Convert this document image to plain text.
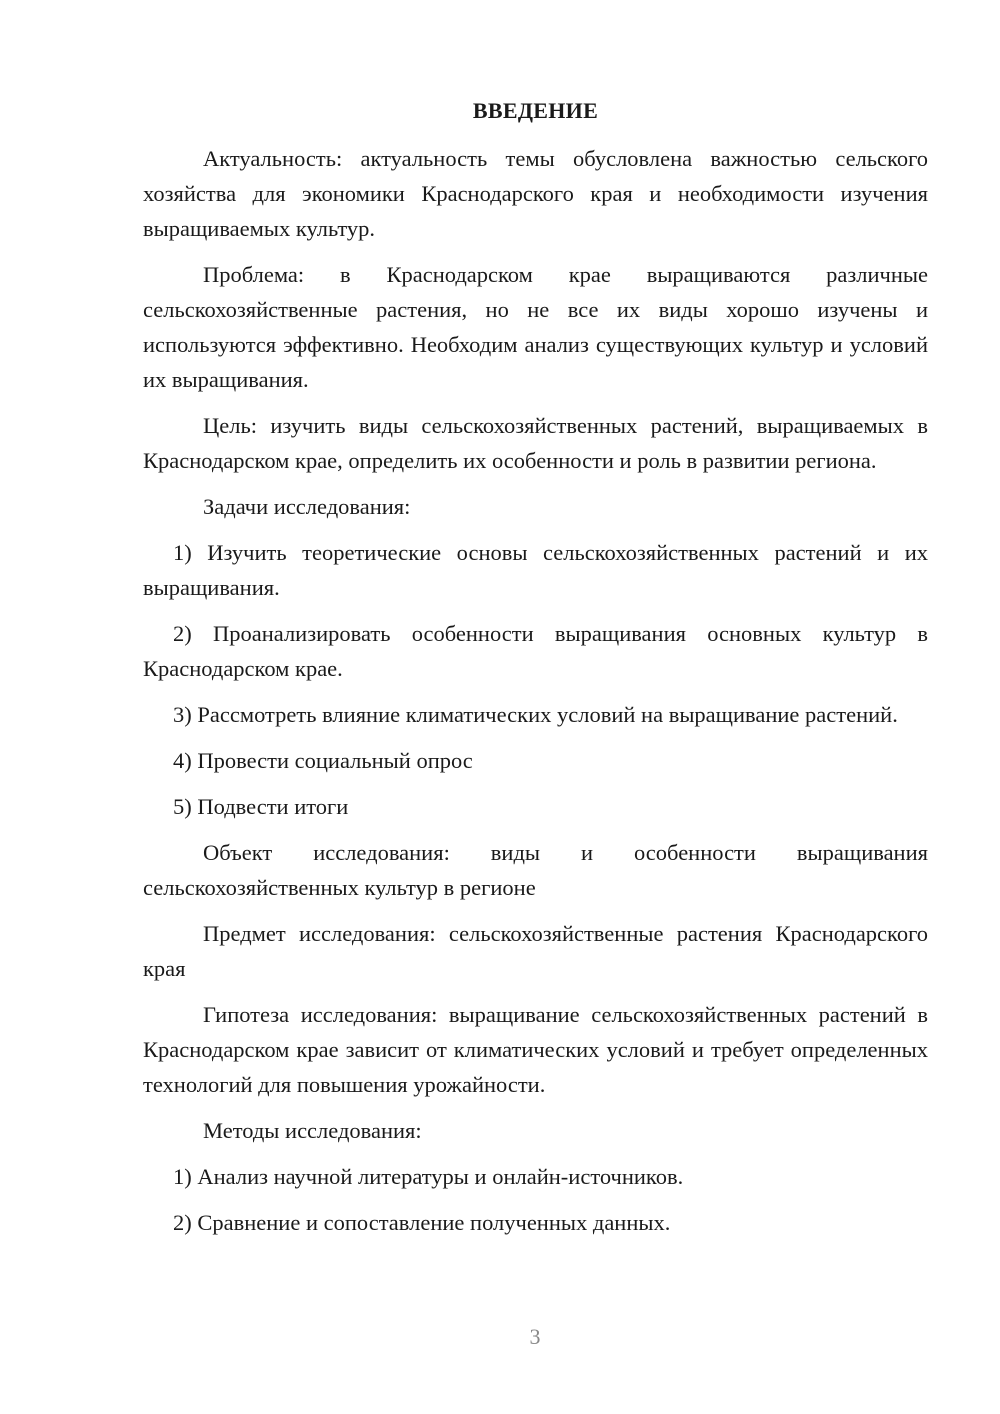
ВВЕДЕНИЕ

Актуальность: актуальность темы обусловлена важностью сельского хозяйства для экономики Краснодарского края и необходимости изучения выращиваемых культур.

Проблема: в Краснодарском крае выращиваются различные сельскохозяйственные растения, но не все их виды хорошо изучены и используются эффективно. Необходим анализ существующих культур и условий их выращивания.

Цель: изучить виды сельскохозяйственных растений, выращиваемых в Краснодарском крае, определить их особенности и роль в развитии региона.

Задачи исследования:

1) Изучить теоретические основы сельскохозяйственных растений и их выращивания.

2) Проанализировать особенности выращивания основных культур в Краснодарском крае.

3) Рассмотреть влияние климатических условий на выращивание растений.

4) Провести социальный опрос

5) Подвести итоги

Объект исследования: виды и особенности выращивания сельскохозяйственных культур в регионе

Предмет исследования: сельскохозяйственные растения Краснодарского края

Гипотеза исследования: выращивание сельскохозяйственных растений в Краснодарском крае зависит от климатических условий и требует определенных технологий для повышения урожайности.

Методы исследования:

1) Анализ научной литературы и онлайн-источников.

2) Сравнение и сопоставление полученных данных.

3
